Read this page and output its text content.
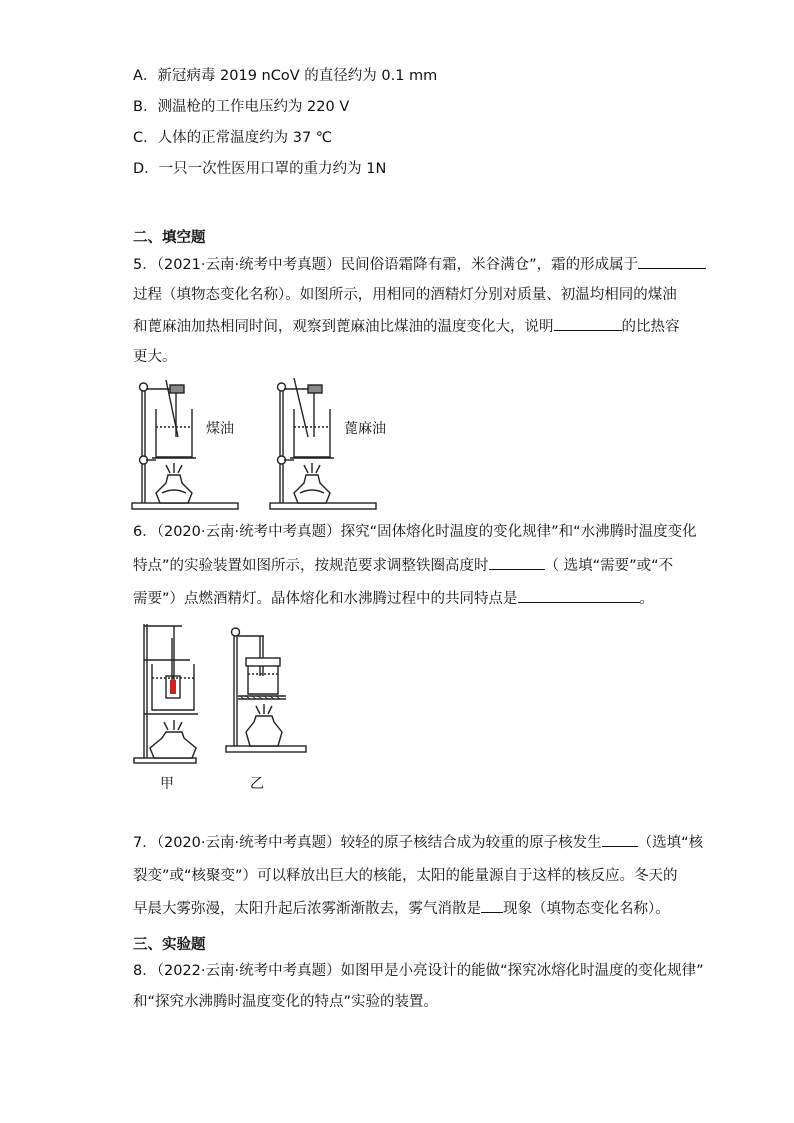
A．新冠病毒 2019 nCoV 的直径约为 0.1 mm
B．测温枪的工作电压约为 220 V
C．人体的正常温度约为 37 ℃
D．一只一次性医用口罩的重力约为 1N
二、填空题
5．（2021·云南·统考中考真题）民间俗语霜降有霜，米谷满仓”，霜的形成属于
过程（填物态变化名称）。如图所示，用相同的酒精灯分别对质量、初温均相同的煤油
和蓖麻油加热相同时间，观察到蓖麻油比煤油的温度变化大，说明	的比热容
更大。
煤油	蓖麻油
6．（2020·云南·统考中考真题）探究“固体熔化时温度的变化规律”和“水沸腾时温度变化
特点”的实验装置如图所示，按规范要求调整铁圈高度时	（ 选填“需要”或“不
需要”）点燃酒精灯。晶体熔化和水沸腾过程中的共同特点是	。
甲	乙
7．（2020·云南·统考中考真题）较轻的原子核结合成为较重的原子核发生 （选填“核
裂变”或“核聚变”）可以释放出巨大的核能，太阳的能量源自于这样的核反应。冬天的
早晨大雾弥漫，太阳升起后浓雾渐渐散去，雾气消散是 现象（填物态变化名称）。
三、实验题
8．（2022·云南·统考中考真题）如图甲是小亮设计的能做“探究冰熔化时温度的变化规律”
和“探究水沸腾时温度变化的特点”实验的装置。
